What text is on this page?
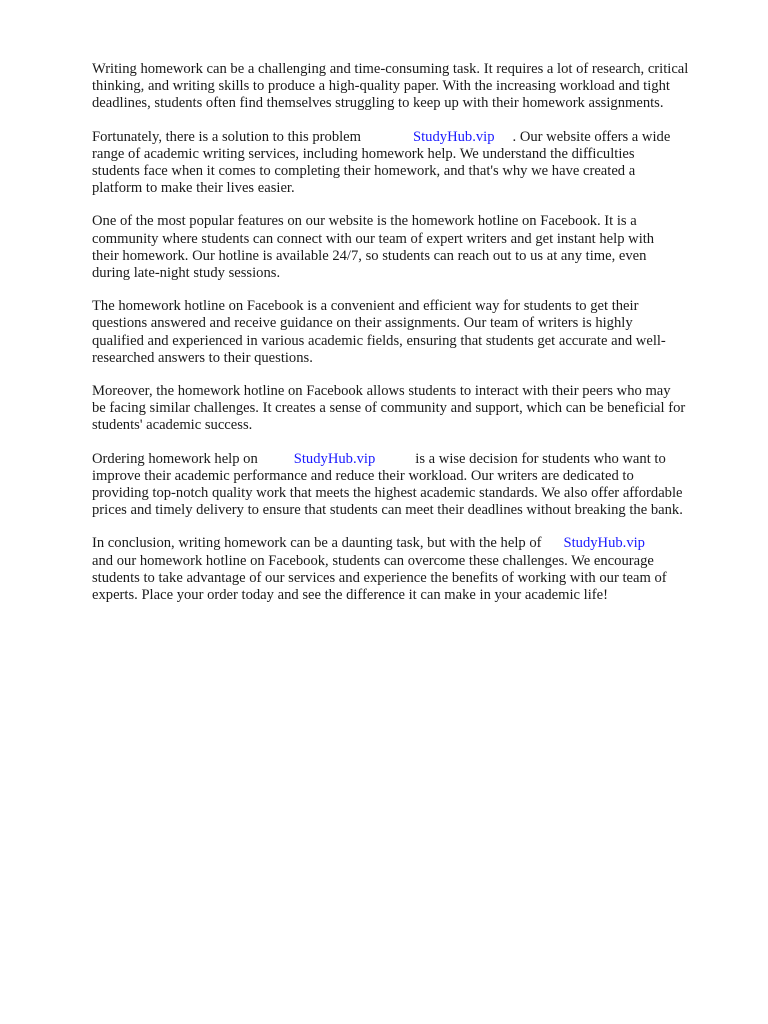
Writing homework can be a challenging and time-consuming task. It requires a lot of research, critical
thinking, and writing skills to produce a high-quality paper. With the increasing workload and tight
deadlines, students often find themselves struggling to keep up with their homework assignments.

Fortunately, there is a solution to this problem	StudyHub.vip . Our website offers a wide
range of academic writing services, including homework help. We understand the difficulties
students face when it comes to completing their homework, and that's why we have created a
platform to make their lives easier.

One of the most popular features on our website is the homework hotline on Facebook. It is a
community where students can connect with our team of expert writers and get instant help with
their homework. Our hotline is available 24/7, so students can reach out to us at any time, even
during late-night study sessions.

The homework hotline on Facebook is a convenient and efficient way for students to get their
questions answered and receive guidance on their assignments. Our team of writers is highly
qualified and experienced in various academic fields, ensuring that students get accurate and well-
researched answers to their questions.

Moreover, the homework hotline on Facebook allows students to interact with their peers who may
be facing similar challenges. It creates a sense of community and support, which can be beneficial for
students' academic success.

Ordering homework help on StudyHub.vip	is a wise decision for students who want to
improve their academic performance and reduce their workload. Our writers are dedicated to
providing top-notch quality work that meets the highest academic standards. We also offer affordable
prices and timely delivery to ensure that students can meet their deadlines without breaking the bank.

In conclusion, writing homework can be a daunting task, but with the help of StudyHub.vip
and our homework hotline on Facebook, students can overcome these challenges. We encourage
students to take advantage of our services and experience the benefits of working with our team of
experts. Place your order today and see the difference it can make in your academic life!
